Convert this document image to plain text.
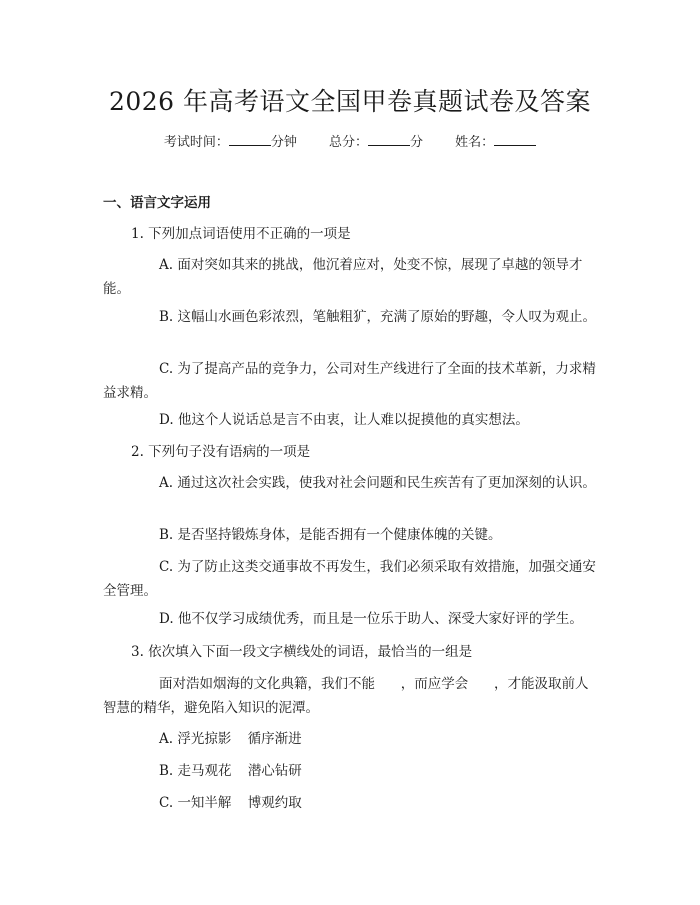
2026 年高考语文全国甲卷真题试卷及答案
考试时间：	分钟 总分：	分 姓名：
一、语言文字运用
1. 下列加点词语使用不正确的一项是
A. 面对突如其来的挑战，他沉着应对，处变不惊，展现了卓越的领导才能。
B. 这幅山水画色彩浓烈，笔触粗犷，充满了原始的野趣，令人叹为观止。
C. 为了提高产品的竞争力，公司对生产线进行了全面的技术革新，力求精益求精。
D. 他这个人说话总是言不由衷，让人难以捉摸他的真实想法。
2. 下列句子没有语病的一项是
A. 通过这次社会实践，使我对社会问题和民生疾苦有了更加深刻的认识。
B. 是否坚持锻炼身体，是能否拥有一个健康体魄的关键。
C. 为了防止这类交通事故不再发生，我们必须采取有效措施，加强交通安全管理。
D. 他不仅学习成绩优秀，而且是一位乐于助人、深受大家好评的学生。
3. 依次填入下面一段文字横线处的词语，最恰当的一组是
面对浩如烟海的文化典籍，我们不能      ，而应学会      ，才能汲取前人智慧的精华，避免陷入知识的泥潭。
A. 浮光掠影 循序渐进
B. 走马观花 潜心钻研
C. 一知半解 博观约取
